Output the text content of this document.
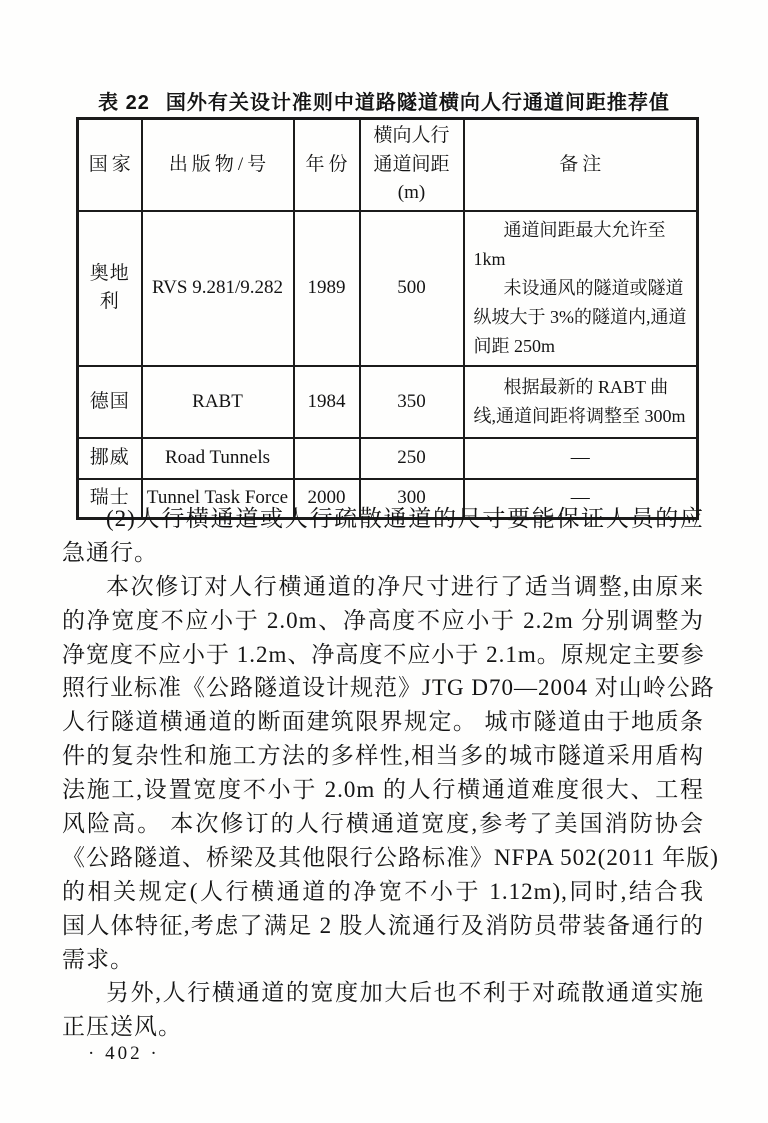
表 22 国外有关设计准则中道路隧道横向人行通道间距推荐值
国家	出版物/号	年份	横向人行通道间距(m)	备注
奥地利	RVS 9.281/9.282	1989	500	通道间距最大允许至 1km

未设通风的隧道或隧道纵坡大于 3%的隧道内,通道间距 250m

德国	RABT	1984	350	根据最新的 RABT 曲线,通道间距将调整至 300m

挪威	Road Tunnels		250	—
瑞士	Tunnel Task Force	2000	300	—
(2)人行横通道或人行疏散通道的尺寸要能保证人员的应
急通行。
本次修订对人行横通道的净尺寸进行了适当调整,由原来
的净宽度不应小于 2.0m、净高度不应小于 2.2m 分别调整为
净宽度不应小于 1.2m、净高度不应小于 2.1m。原规定主要参
照行业标准《公路隧道设计规范》JTG D70—2004 对山岭公路
人行隧道横通道的断面建筑限界规定。 城市隧道由于地质条
件的复杂性和施工方法的多样性,相当多的城市隧道采用盾构
法施工,设置宽度不小于 2.0m 的人行横通道难度很大、工程
风险高。 本次修订的人行横通道宽度,参考了美国消防协会
《公路隧道、桥梁及其他限行公路标准》NFPA 502(2011 年版)
的相关规定(人行横通道的净宽不小于 1.12m),同时,结合我
国人体特征,考虑了满足 2 股人流通行及消防员带装备通行的
需求。
另外,人行横通道的宽度加大后也不利于对疏散通道实施
正压送风。
· 402 ·
